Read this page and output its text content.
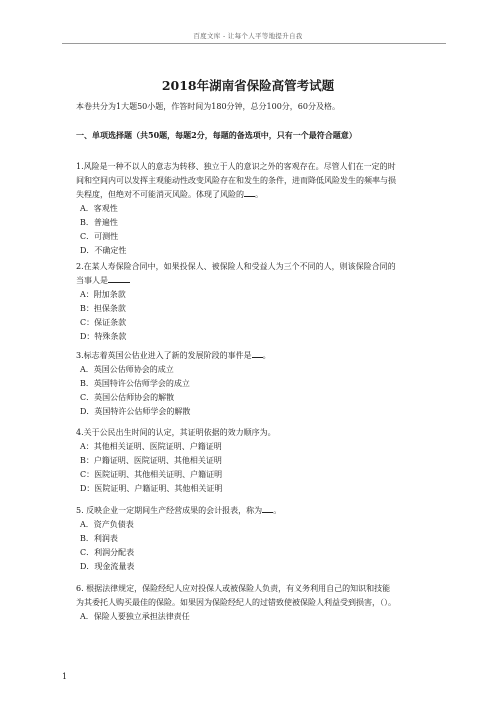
百度文库 - 让每个人平等地提升自我
2018年湖南省保险高管考试题
本卷共分为1大题50小题，作答时间为180分钟，总分100分，60分及格。
一、单项选择题（共50题，每题2分，每题的备选项中，只有一个最符合题意）

1.风险是一种不以人的意志为转移、独立于人的意识之外的客观存在。尽管人们在一定的时
间和空间内可以发挥主观能动性改变风险存在和发生的条件，进而降低风险发生的频率与损
失程度，但绝对不可能消灭风险。体现了风险的 。

A．客观性

B．普遍性

C．可测性

D．不确定性

2.在某人寿保险合同中，如果投保人、被保险人和受益人为三个不同的人，则该保险合同的
当事人是

A：附加条款

B：担保条款

C：保证条款

D：特殊条款

3.标志着英国公估业进入了新的发展阶段的事件是 。

A．英国公估师协会的成立

B．英国特许公估师学会的成立

C．英国公估师协会的解散

D．英国特许公估师学会的解散

4.关于公民出生时间的认定，其证明依据的效力顺序为。

A：其他相关证明、医院证明、户籍证明

B：户籍证明、医院证明、其他相关证明

C：医院证明、其他相关证明、户籍证明

D：医院证明、户籍证明、其他相关证明

5. 反映企业一定期间生产经营成果的会计报表，称为 。

A．资产负债表

B．利润表

C．利润分配表

D．现金流量表

6. 根据法律规定，保险经纪人应对投保人或被保险人负责，有义务利用自己的知识和技能
为其委托人购买最佳的保险。如果因为保险经纪人的过错致使被保险人利益受到损害，（）。

A．保险人要独立承担法律责任

1
